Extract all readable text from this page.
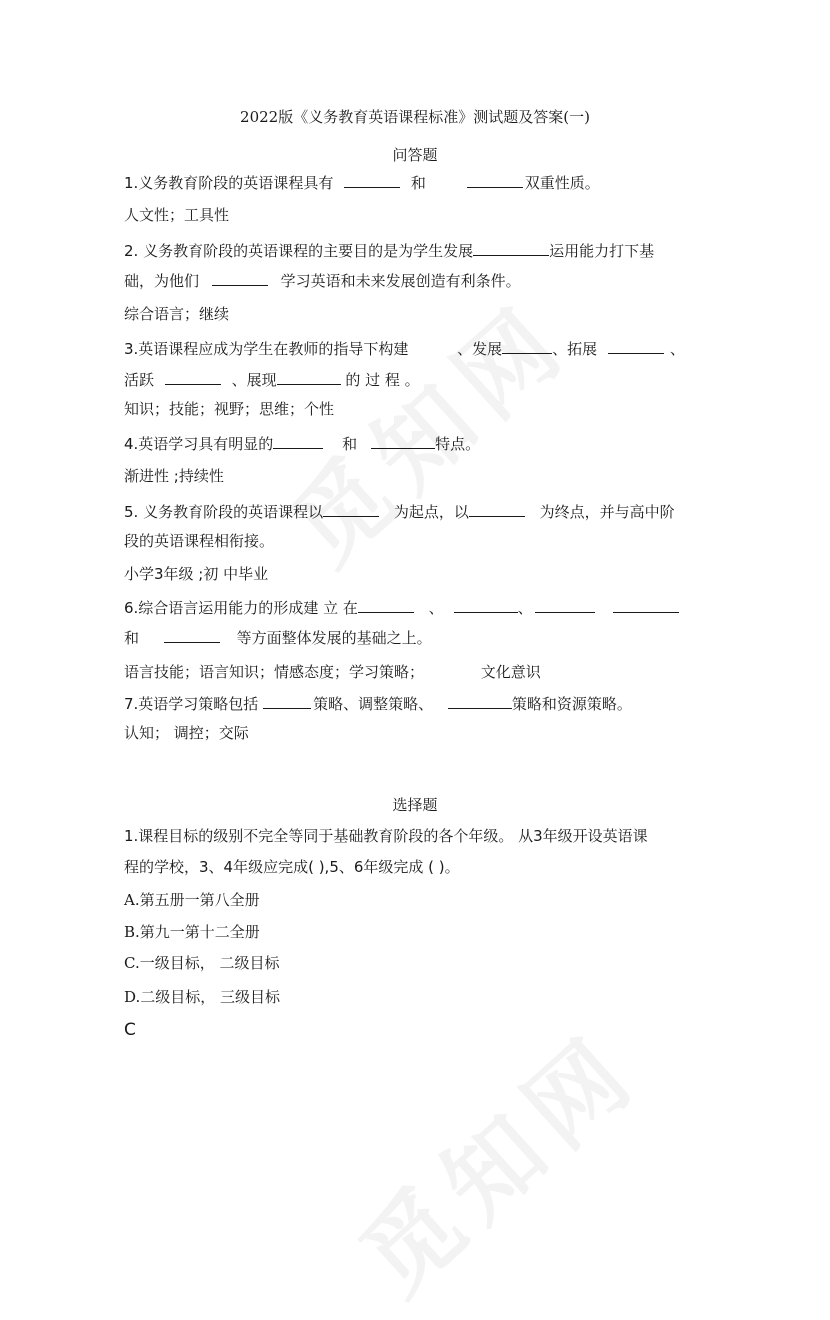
2022版《义务教育英语课程标准》测试题及答案(一)
问答题
1.义务教育阶段的英语课程具有	和	双重性质。
人文性；工具性
2. 义务教育阶段的英语课程的主要目的是为学生发展	运用能力打下基
础，为他们	学习英语和未来发展创造有利条件。
综合语言；继续
3.英语课程应成为学生在教师的指导下构建	、发展	、拓展	、
活跃	、展现	的 过 程 。
知识；技能；视野；思维；个性
4.英语学习具有明显的	和	特点。
渐进性 ;持续性
5. 义务教育阶段的英语课程以	为起点，以	为终点，并与高中阶
段的英语课程相衔接。
小学3年级 ;初 中毕业
6.综合语言运用能力的形成建 立 在	、	、
和	等方面整体发展的基础之上。
语言技能；语言知识；情感态度；学习策略；	文化意识
7.英语学习策略包括	策略、调整策略、	策略和资源策略。
认知； 调控；交际
选择题
1.课程目标的级别不完全等同于基础教育阶段的各个年级。 从3年级开设英语课
程的学校，3、4年级应完成( ),5、6年级完成 ( )。
A.第五册一第八全册
B.第九一第十二全册
C.一级目标， 二级目标
D.二级目标， 三级目标
C
